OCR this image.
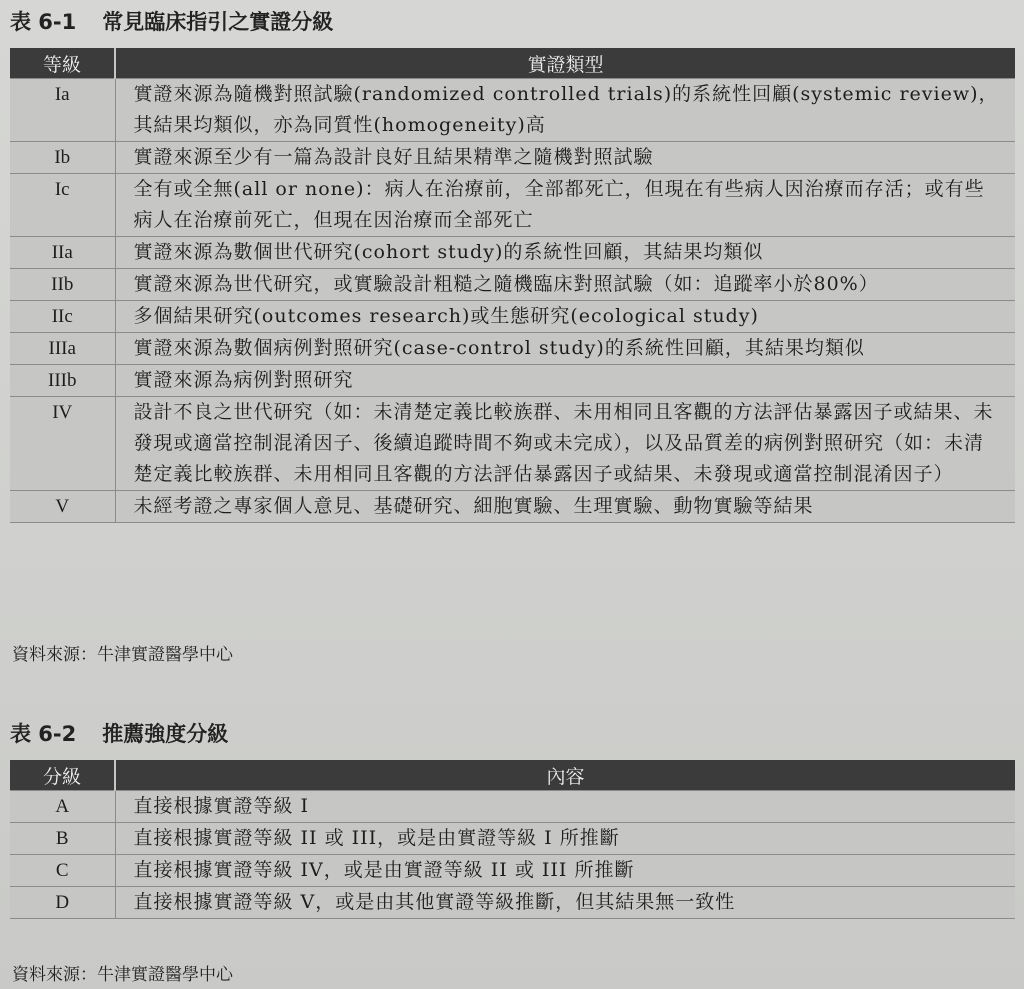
表 6-1 常見臨床指引之實證分級
等級	實證類型
Ia	實證來源為隨機對照試驗(randomized controlled trials)的系統性回顧(systemic review)，其結果均類似，亦為同質性(homogeneity)高
Ib	實證來源至少有一篇為設計良好且結果精準之隨機對照試驗
Ic	全有或全無(all or none)：病人在治療前，全部都死亡，但現在有些病人因治療而存活；或有些病人在治療前死亡，但現在因治療而全部死亡
IIa	實證來源為數個世代研究(cohort study)的系統性回顧，其結果均類似
IIb	實證來源為世代研究，或實驗設計粗糙之隨機臨床對照試驗（如：追蹤率小於80%）
IIc	多個結果研究(outcomes research)或生態研究(ecological study)
IIIa	實證來源為數個病例對照研究(case-control study)的系統性回顧，其結果均類似
IIIb	實證來源為病例對照研究
IV	設計不良之世代研究（如：未清楚定義比較族群、未用相同且客觀的方法評估暴露因子或結果、未發現或適當控制混淆因子、後續追蹤時間不夠或未完成），以及品質差的病例對照研究（如：未清楚定義比較族群、未用相同且客觀的方法評估暴露因子或結果、未發現或適當控制混淆因子）
V	未經考證之專家個人意見、基礎研究、細胞實驗、生理實驗、動物實驗等結果
資料來源：牛津實證醫學中心
表 6-2 推薦強度分級
分級	內容
A	直接根據實證等級 I
B	直接根據實證等級 II 或 III，或是由實證等級 I 所推斷
C	直接根據實證等級 IV，或是由實證等級 II 或 III 所推斷
D	直接根據實證等級 V，或是由其他實證等級推斷，但其結果無一致性
資料來源：牛津實證醫學中心
